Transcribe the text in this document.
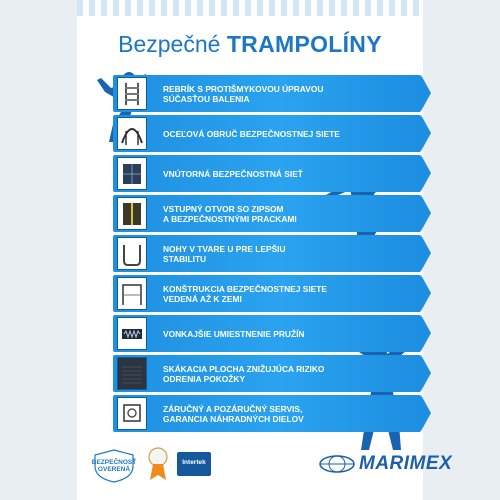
Bezpečné TRAMPOLÍNY
REBRÍK S PROTIŠMYKOVOU ÚPRAVOU
SÚČASŤOU BALENIA
OCEĽOVÁ OBRUČ BEZPEČNOSTNEJ SIETE
VNÚTORNÁ BEZPEČNOSTNÁ SIEŤ
VSTUPNÝ OTVOR SO ZIPSOM
A BEZPEČNOSTNÝMI PRACKAMI
NOHY V TVARE U PRE LEPŠIU
STABILITU
KONŠTRUKCIA BEZPEČNOSTNEJ SIETE
VEDENÁ AŽ K ZEMI
VONKAJŠIE UMIESTNENIE PRUŽÍN
SKÁKACIA PLOCHA ZNIŽUJÚCA RIZIKO
ODRENIA POKOŽKY
ZÁRUČNÝ A POZÁRUČNÝ SERVIS,
GARANCIA NÁHRADNÝCH DIELOV
BEZPEČNOSŤ
OVERENÁ
Intertek	MARIMEX
